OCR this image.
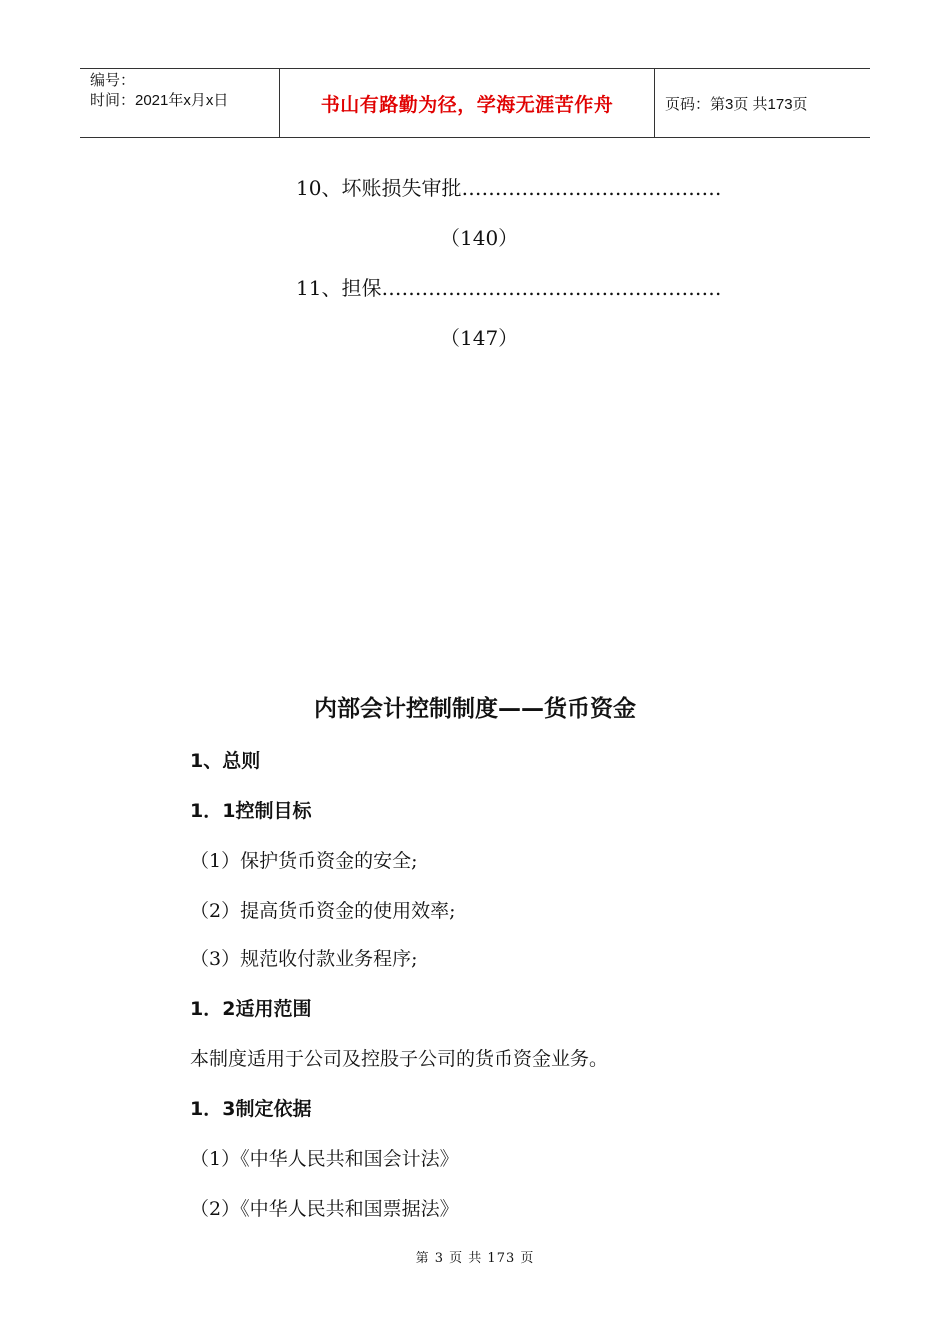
编号：
时间：2021年x月x日	书山有路勤为径，学海无涯苦作舟	页码：第3页 共173页
10、坏账损失审批…………………………………
（140）
11、担保……………………………………………
（147）
内部会计控制制度——货币资金
1、总则
1．1控制目标
（1）保护货币资金的安全;
（2）提高货币资金的使用效率;
（3）规范收付款业务程序;
1．2适用范围
本制度适用于公司及控股子公司的货币资金业务。
1．3制定依据
（1）《中华人民共和国会计法》
（2）《中华人民共和国票据法》
第 3 页 共 173 页
